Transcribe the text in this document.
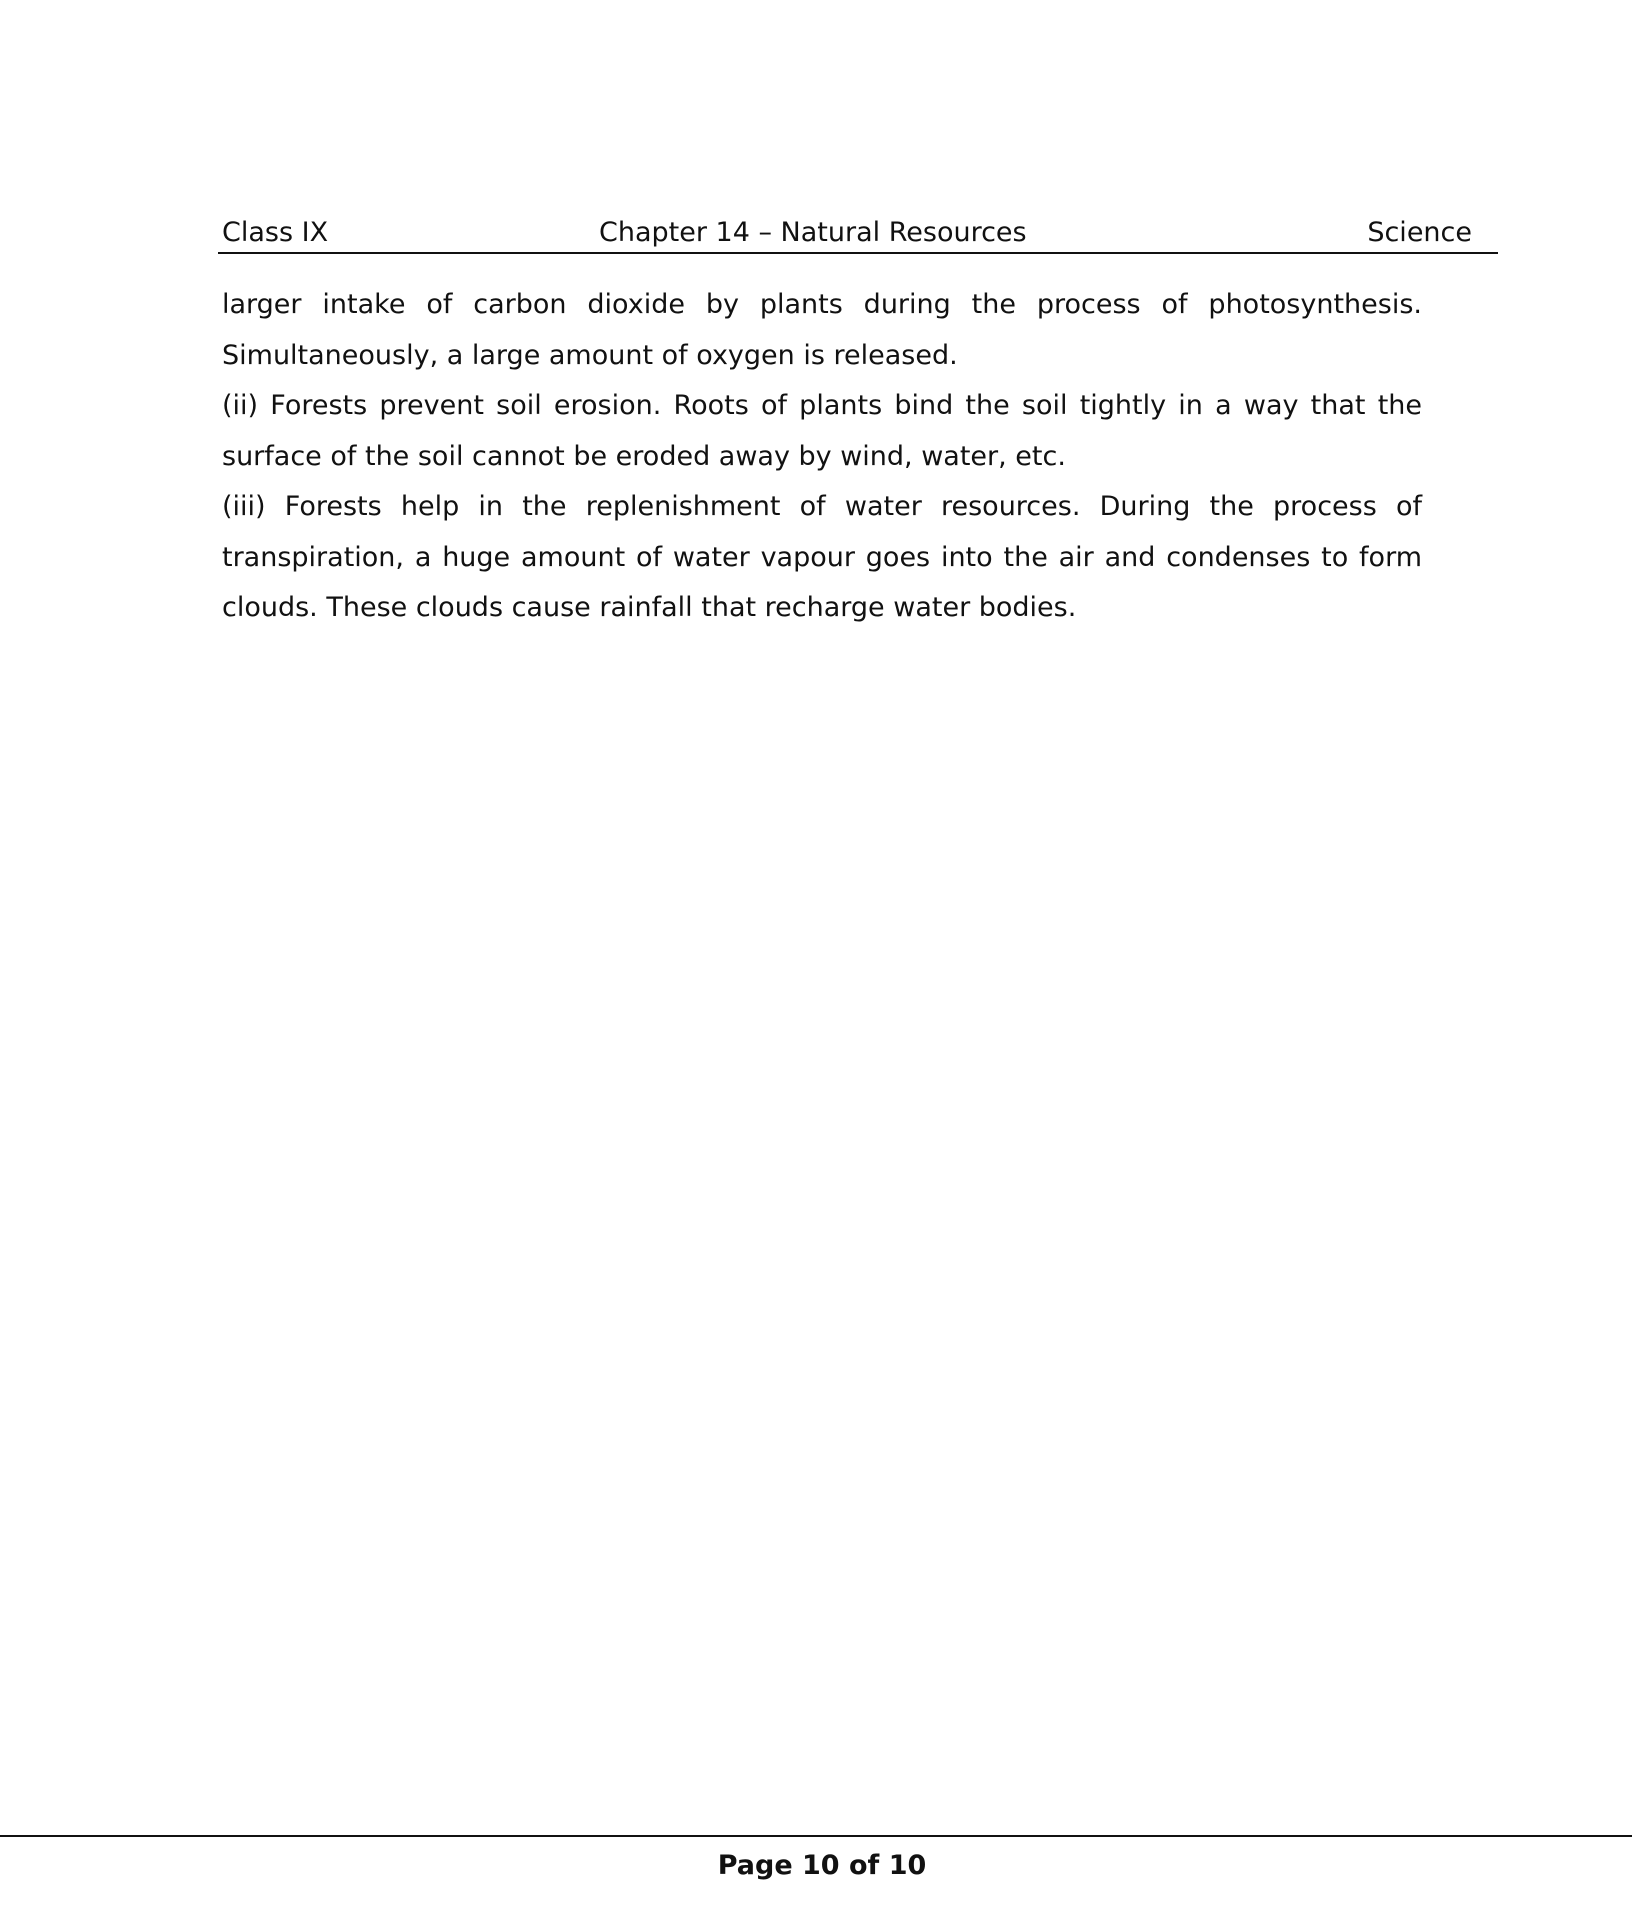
Class IX	Chapter 14 – Natural Resources	Science

larger intake of carbon dioxide by plants during the process of photosynthesis. Simultaneously, a large amount of oxygen is released.

(ii) Forests prevent soil erosion. Roots of plants bind the soil tightly in a way that the surface of the soil cannot be eroded away by wind, water, etc.

(iii) Forests help in the replenishment of water resources. During the process of transpiration, a huge amount of water vapour goes into the air and condenses to form clouds. These clouds cause rainfall that recharge water bodies.

Page 10 of 10
